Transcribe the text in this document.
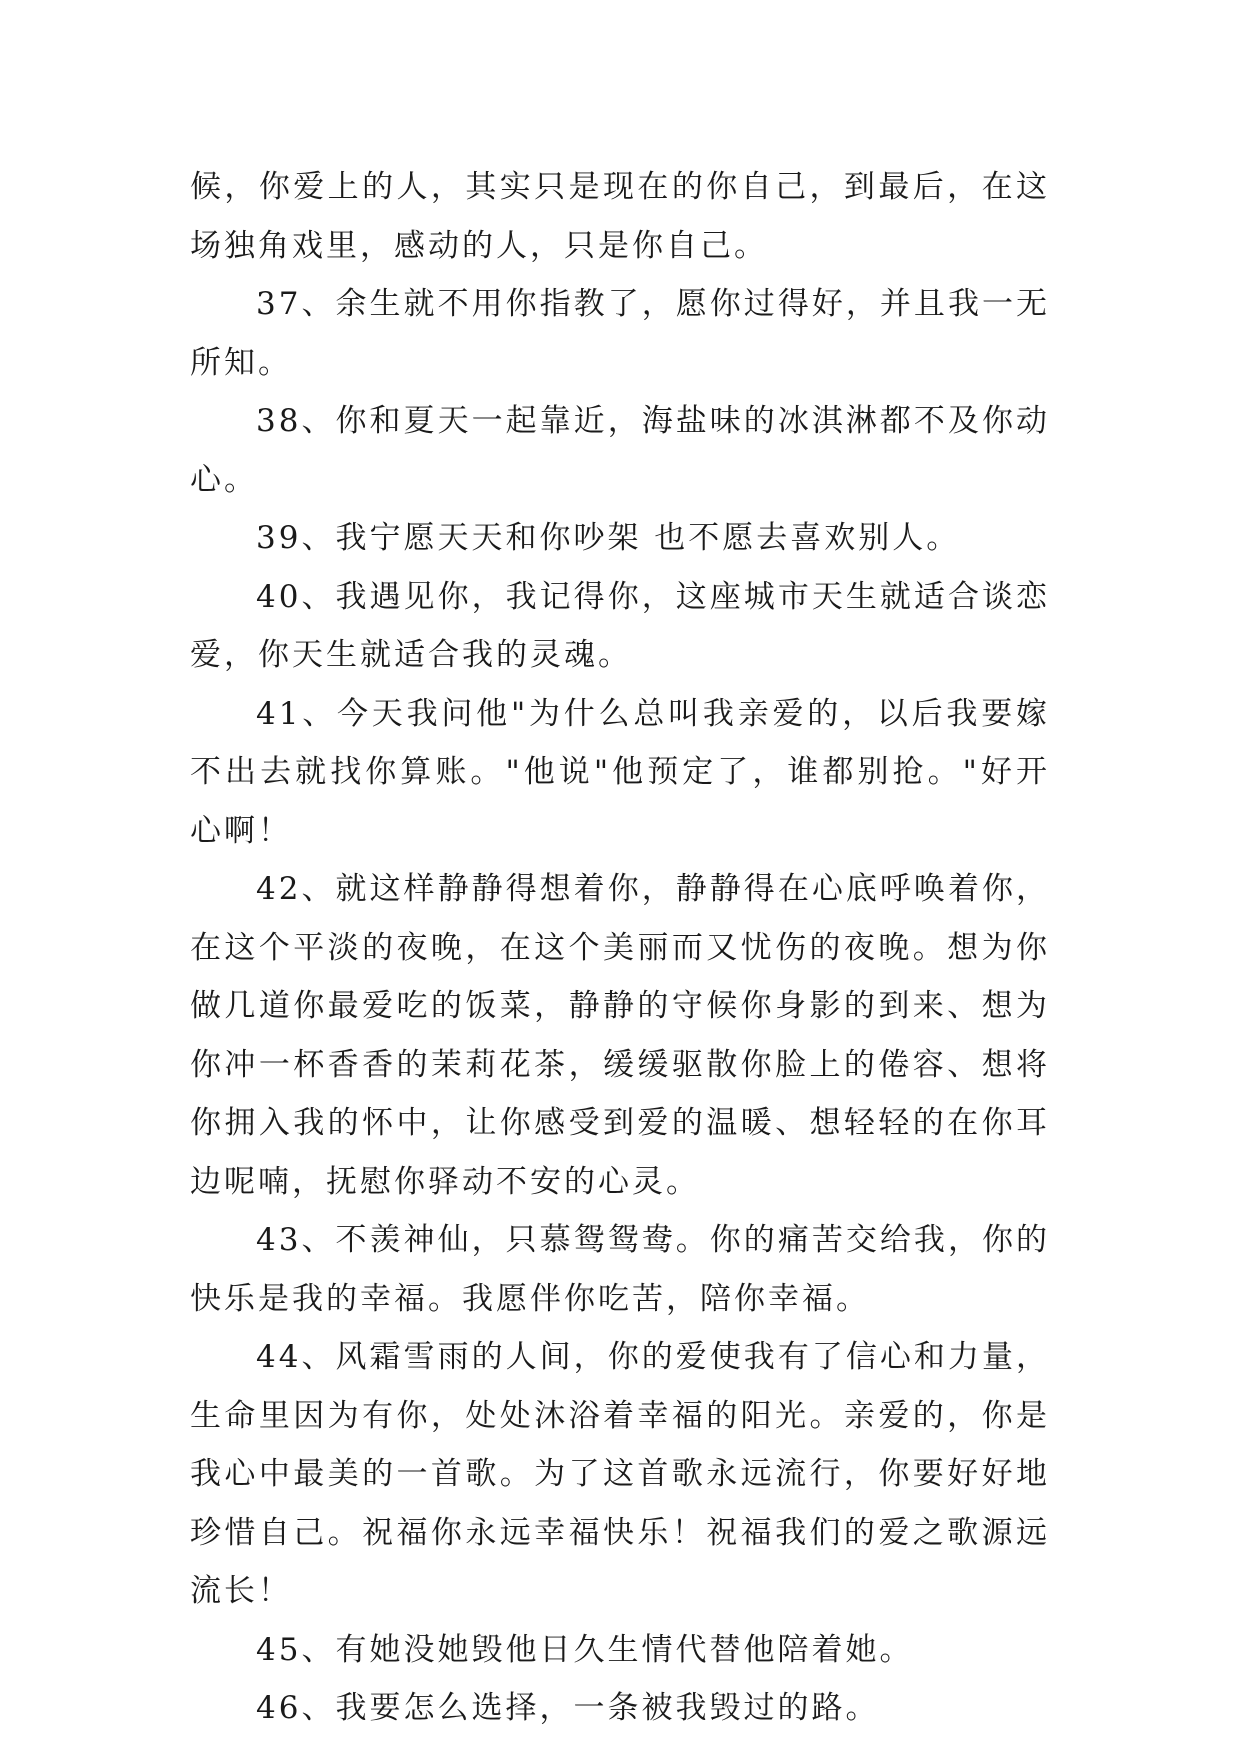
候，你爱上的人，其实只是现在的你自己，到最后，在这场独角戏里，感动的人，只是你自己。

37、余生就不用你指教了，愿你过得好，并且我一无所知。

38、你和夏天一起靠近，海盐味的冰淇淋都不及你动心。

39、我宁愿天天和你吵架 也不愿去喜欢别人。

40、我遇见你，我记得你，这座城市天生就适合谈恋爱，你天生就适合我的灵魂。

41、今天我问他"为什么总叫我亲爱的，以后我要嫁不出去就找你算账。"他说"他预定了，谁都别抢。"好开心啊！

42、就这样静静得想着你，静静得在心底呼唤着你，在这个平淡的夜晚，在这个美丽而又忧伤的夜晚。想为你做几道你最爱吃的饭菜，静静的守候你身影的到来、想为你冲一杯香香的茉莉花茶，缓缓驱散你脸上的倦容、想将你拥入我的怀中，让你感受到爱的温暖、想轻轻的在你耳边呢喃，抚慰你驿动不安的心灵。

43、不羡神仙，只慕鸳鸳鸯。你的痛苦交给我，你的快乐是我的幸福。我愿伴你吃苦，陪你幸福。

44、风霜雪雨的人间，你的爱使我有了信心和力量，生命里因为有你，处处沐浴着幸福的阳光。亲爱的，你是我心中最美的一首歌。为了这首歌永远流行，你要好好地珍惜自己。祝福你永远幸福快乐！祝福我们的爱之歌源远流长！

45、有她没她毁他日久生情代替他陪着她。

46、我要怎么选择，一条被我毁过的路。
